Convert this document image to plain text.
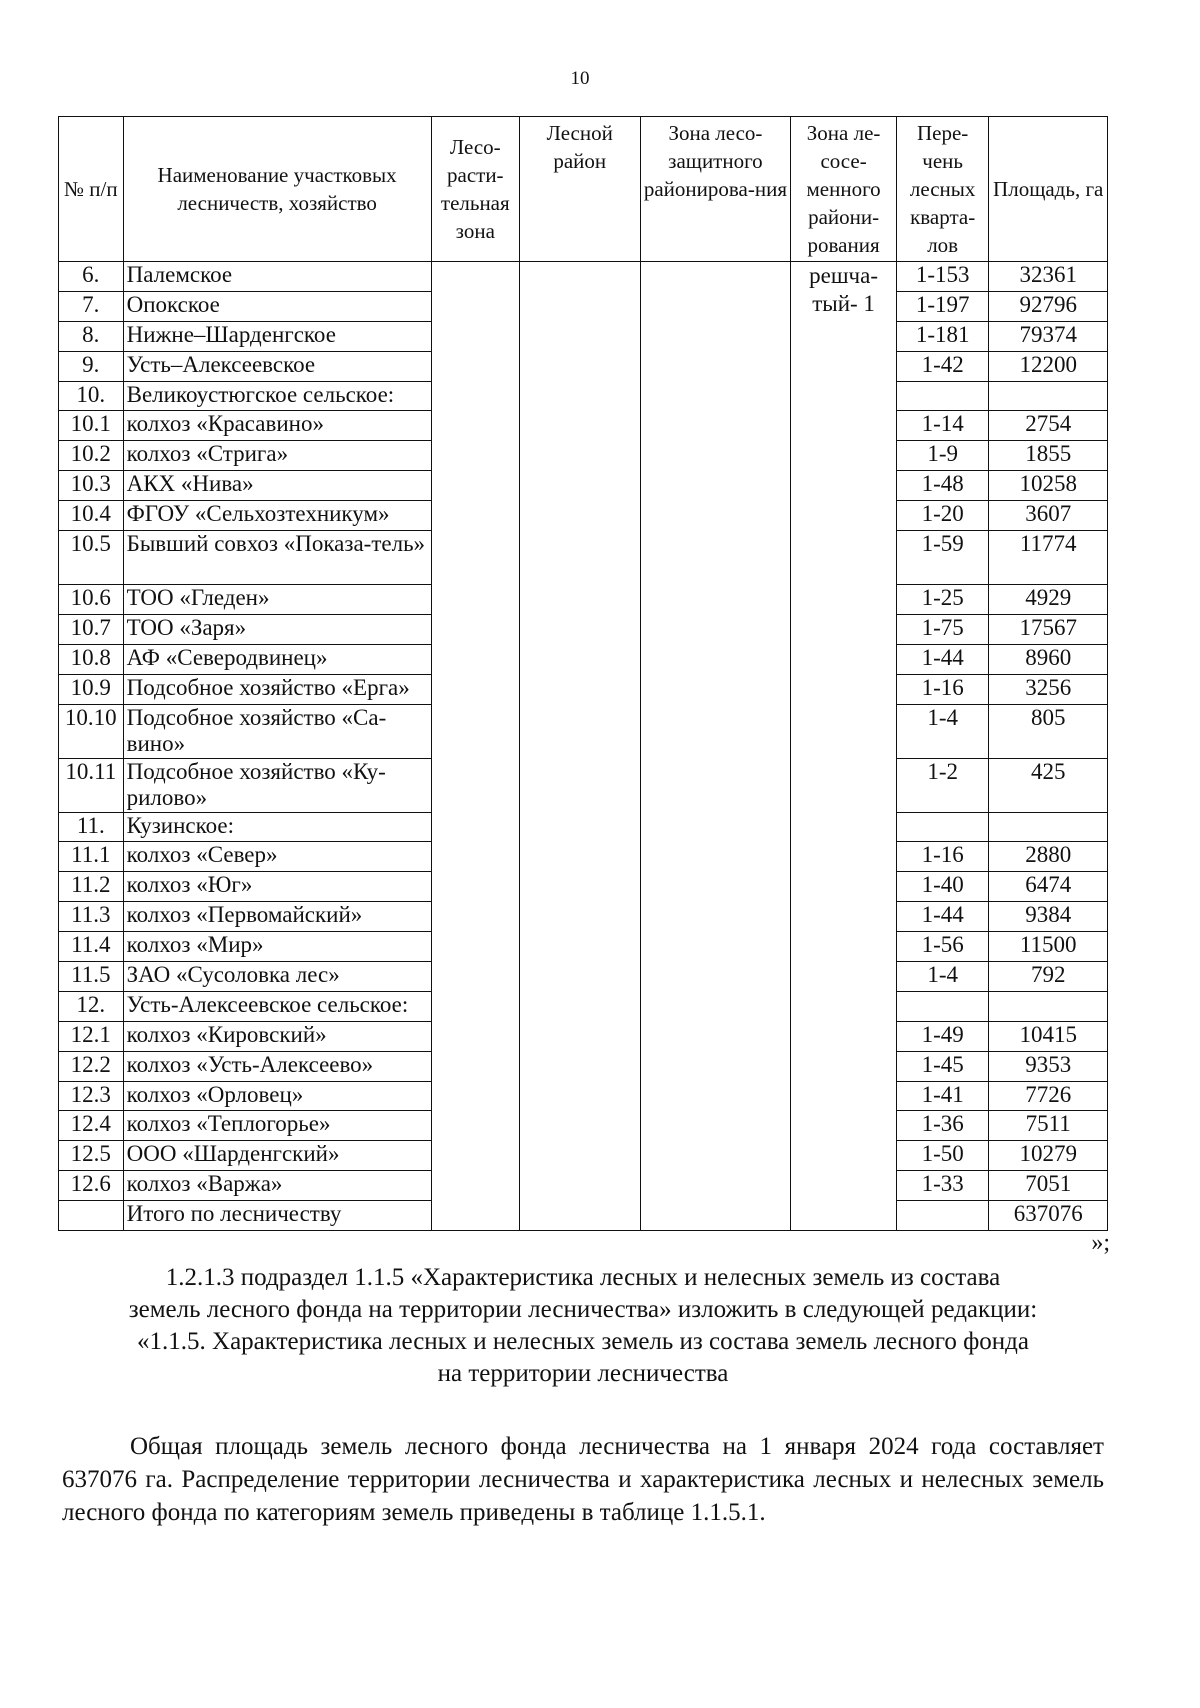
10
№ п/п	Наименование участковых лесничеств, хозяйство	Лесо-расти-тельная зона	Лесной район	Зона лесо-защитного районирова-ния	Зона ле-сосе-менного райони-рования	Пере-чень лесных кварта-лов	Площадь, га
6.	Палемское				решча-тый- 1	1-153	32361
7.	Опокское					1-197	92796
8.	Нижне–Шарденгское					1-181	79374
9.	Усть–Алексеевское					1-42	12200
10.	Великоустюгское сельское:						
10.1	колхоз «Красавино»					1-14	2754
10.2	колхоз «Стрига»					1-9	1855
10.3	АКХ «Нива»					1-48	10258
10.4	ФГОУ «Сельхозтехникум»					1-20	3607
10.5	Бывший совхоз «Показа-тель»					1-59	11774
10.6	ТОО «Гледен»					1-25	4929
10.7	ТОО «Заря»					1-75	17567
10.8	АФ «Северодвинец»					1-44	8960
10.9	Подсобное хозяйство «Ерга»					1-16	3256
10.10	Подсобное хозяйство «Са-вино»					1-4	805
10.11	Подсобное хозяйство «Ку-рилово»					1-2	425
11.	Кузинское:						
11.1	колхоз «Север»					1-16	2880
11.2	колхоз «Юг»					1-40	6474
11.3	колхоз «Первомайский»					1-44	9384
11.4	колхоз «Мир»					1-56	11500
11.5	ЗАО «Сусоловка лес»					1-4	792
12.	Усть-Алексеевское сельское:						
12.1	колхоз «Кировский»					1-49	10415
12.2	колхоз «Усть-Алексеево»					1-45	9353
12.3	колхоз «Орловец»					1-41	7726
12.4	колхоз «Теплогорье»					1-36	7511
12.5	ООО «Шарденгский»					1-50	10279
12.6	колхоз «Варжа»					1-33	7051
	Итого по лесничеству						637076
»;
1.2.1.3 подраздел 1.1.5 «Характеристика лесных и нелесных земель из состава
земель лесного фонда на территории лесничества» изложить в следующей редакции:
«1.1.5. Характеристика лесных и нелесных земель из состава земель лесного фонда
на территории лесничества
Общая площадь земель лесного фонда лесничества на 1 января 2024 года составляет 637076 га. Распределение территории лесничества и характеристика лесных и нелесных земель лесного фонда по категориям земель приведены в таблице 1.1.5.1.
